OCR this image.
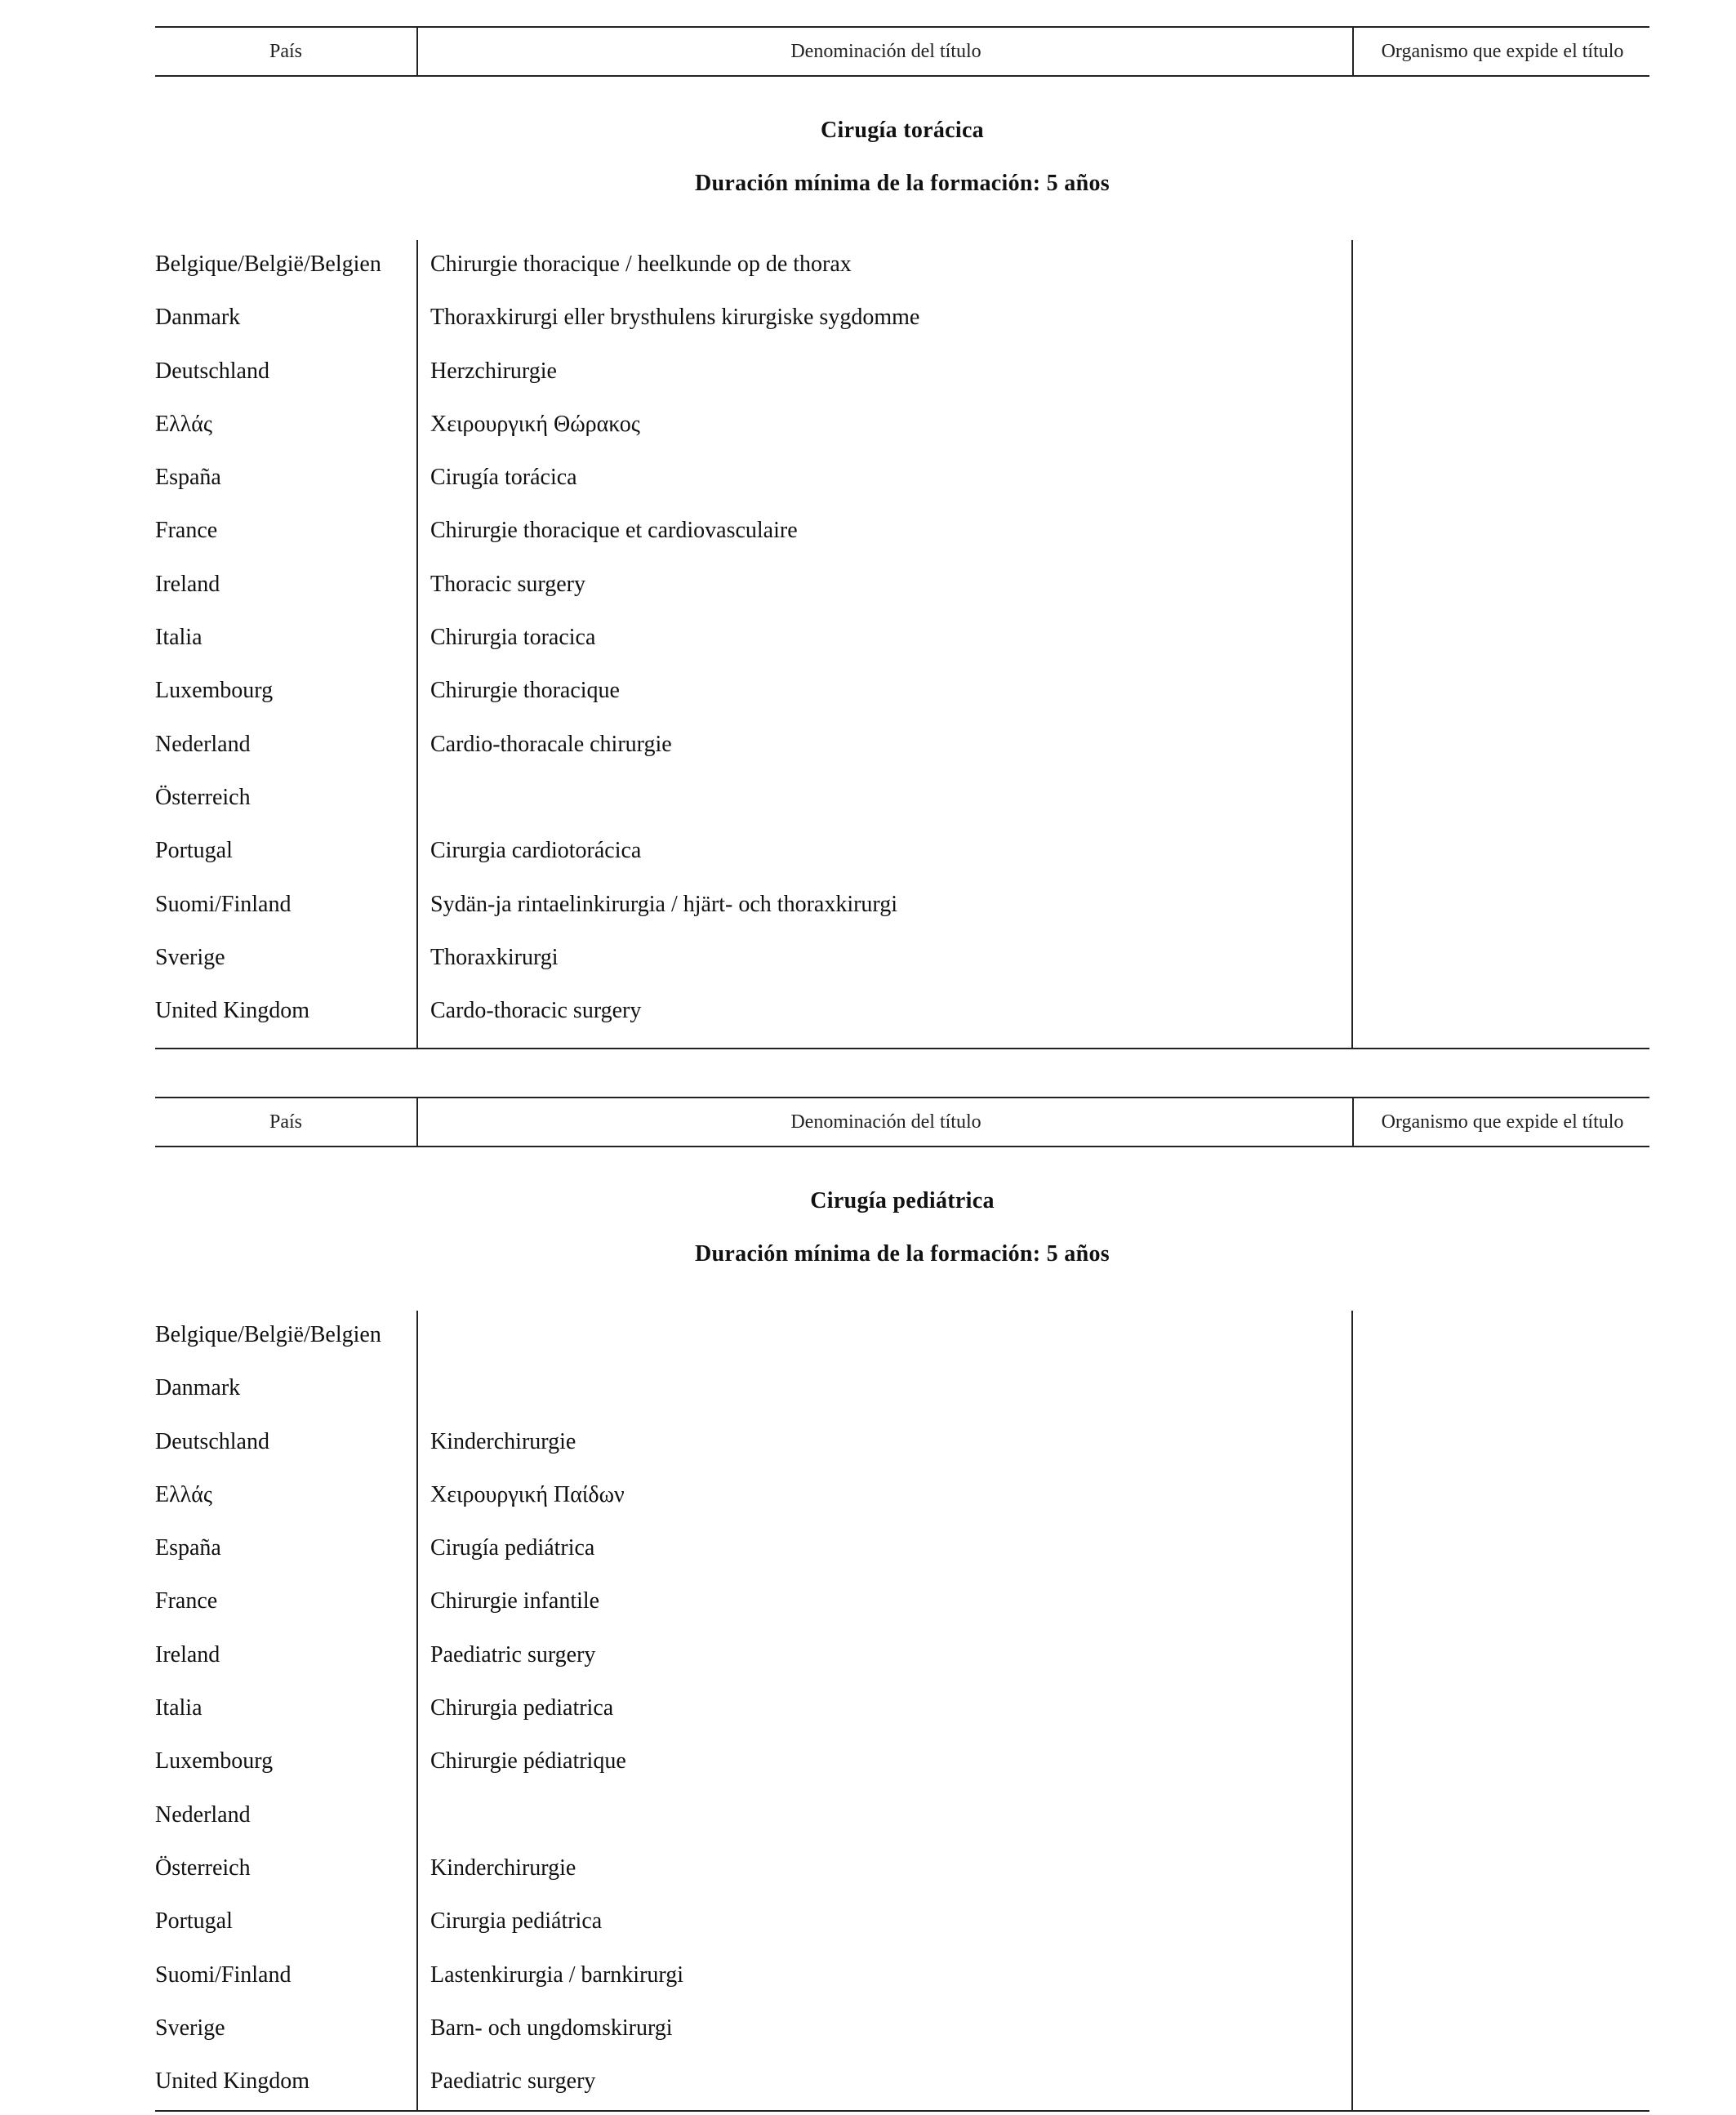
País	Denominación del título	Organismo que expide el título
Cirugía torácica
Duración mínima de la formación: 5 años
Belgique/België/Belgien	Chirurgie thoracique / heelkunde op de thorax
Danmark	Thoraxkirurgi eller brysthulens kirurgiske sygdomme
Deutschland	Herzchirurgie
Ελλάς	Χειρουργική Θώρακος
España	Cirugía torácica
France	Chirurgie thoracique et cardiovasculaire
Ireland	Thoracic surgery
Italia	Chirurgia toracica
Luxembourg	Chirurgie thoracique
Nederland	Cardio-thoracale chirurgie
Österreich
Portugal	Cirurgia cardiotorácica
Suomi/Finland	Sydän-ja rintaelinkirurgia / hjärt- och thoraxkirurgi
Sverige	Thoraxkirurgi
United Kingdom	Cardo-thoracic surgery
País	Denominación del título	Organismo que expide el título
Cirugía pediátrica
Duración mínima de la formación: 5 años
Belgique/België/Belgien
Danmark
Deutschland	Kinderchirurgie
Ελλάς	Χειρουργική Παίδων
España	Cirugía pediátrica
France	Chirurgie infantile
Ireland	Paediatric surgery
Italia	Chirurgia pediatrica
Luxembourg	Chirurgie pédiatrique
Nederland
Österreich	Kinderchirurgie
Portugal	Cirurgia pediátrica
Suomi/Finland	Lastenkirurgia / barnkirurgi
Sverige	Barn- och ungdomskirurgi
United Kingdom	Paediatric surgery
